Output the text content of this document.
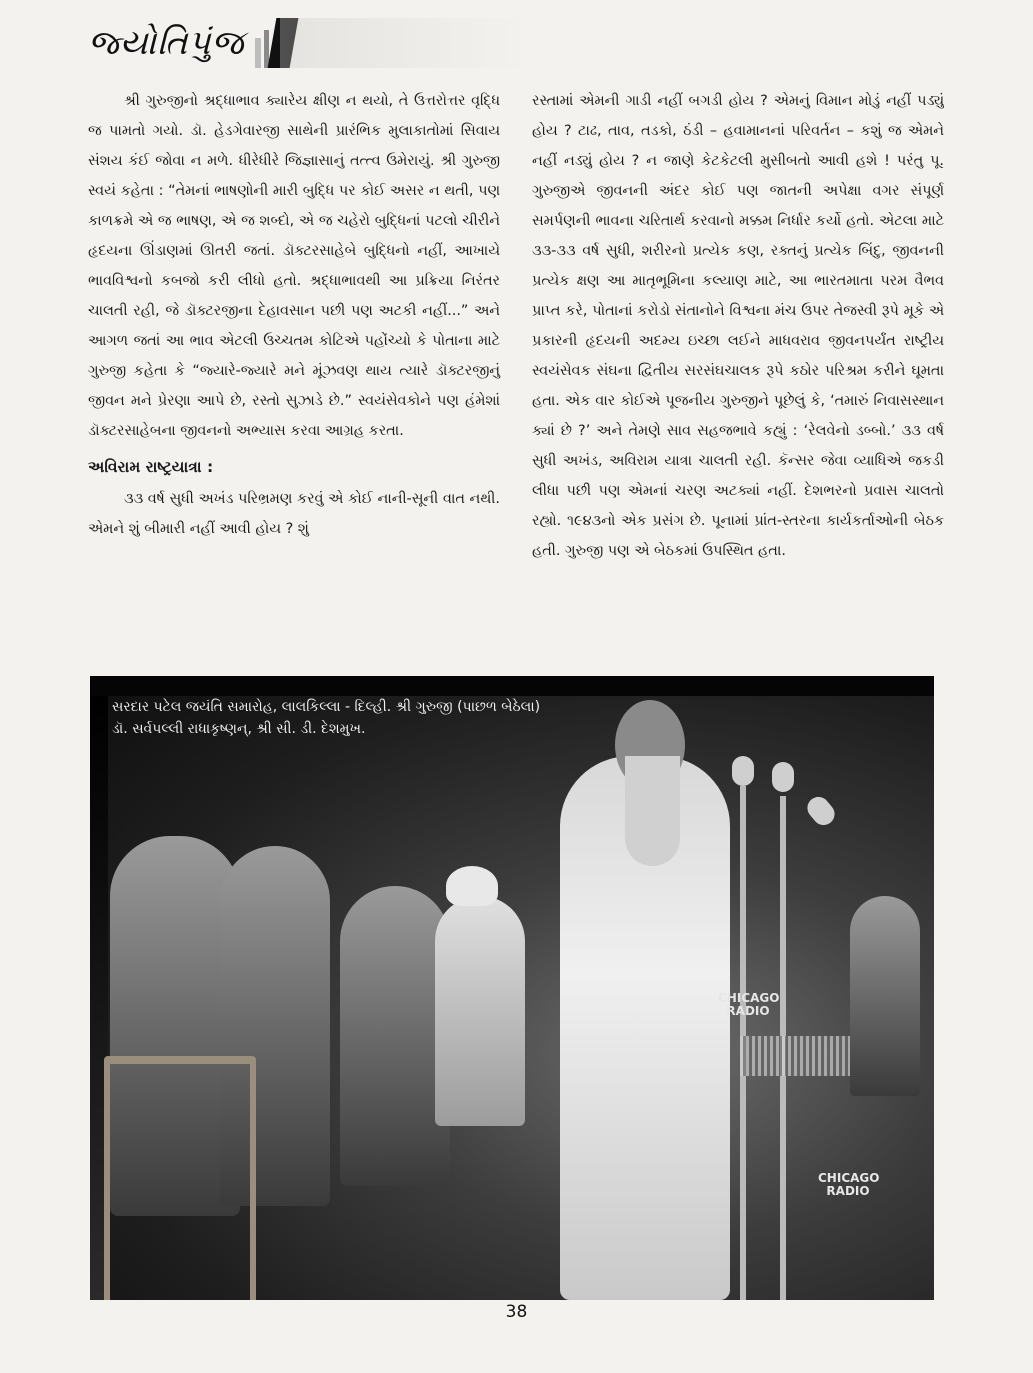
જ્યોતિપુંજ

શ્રી ગુરુજીનો શ્રદ્ધાભાવ ક્યારેય ક્ષીણ ન થયો, તે ઉત્તરોત્તર વૃદ્ધિ જ પામતો ગયો. ડૉ. હેડગેવારજી સાથેની પ્રારંભિક મુલાકાતોમાં સિવાય સંશય કંઈ જોવા ન મળે. ધીરેધીરે જિજ્ઞાસાનું તત્ત્વ ઉમેરાયું. શ્રી ગુરુજી સ્વયં કહેતા : “તેમનાં ભાષણોની મારી બુદ્ધિ પર કોઈ અસર ન થતી, પણ કાળક્રમે એ જ ભાષણ, એ જ શબ્દો, એ જ ચહેરો બુદ્ધિનાં પટલો ચીરીને હૃદયના ઊંડાણમાં ઊતરી જતાં. ડૉક્ટરસાહેબે બુદ્ધિનો નહીં, આખાયે ભાવવિશ્વનો કબજો કરી લીધો હતો. શ્રદ્ધાભાવથી આ પ્રક્રિયા નિરંતર ચાલતી રહી, જે ડૉક્ટરજીના દેહાવસાન પછી પણ અટકી નહીં...” અને આગળ જતાં આ ભાવ એટલી ઉચ્ચતમ કોટિએ પહોંચ્યો કે પોતાના માટે ગુરુજી કહેતા કે “જ્યારે-જ્યારે મને મૂંઝવણ થાય ત્યારે ડૉક્ટરજીનું જીવન મને પ્રેરણા આપે છે, રસ્તો સુઝાડે છે.” સ્વયંસેવકોને પણ હંમેશાં ડૉક્ટરસાહેબના જીવનનો અભ્યાસ કરવા આગ્રહ કરતા.

અવિરામ રાષ્ટ્રયાત્રા :

૩૩ વર્ષ સુધી અખંડ પરિભ્રમણ કરવું એ કોઈ નાની-સૂની વાત નથી. એમને શું બીમારી નહીં આવી હોય ? શું

રસ્તામાં એમની ગાડી નહીં બગડી હોય ? એમનું વિમાન મોડું નહીં પડ્યું હોય ? ટાઢ, તાવ, તડકો, ઠંડી – હવામાનનાં પરિવર્તન – કશું જ એમને નહીં નડ્યું હોય ? ન જાણે કેટકેટલી મુસીબતો આવી હશે ! પરંતુ પૂ. ગુરુજીએ જીવનની અંદર કોઈ પણ જાતની અપેક્ષા વગર સંપૂર્ણ સમર્પણની ભાવના ચરિતાર્થ કરવાનો મક્કમ નિર્ધાર કર્યો હતો. એટલા માટે ૩૩-૩૩ વર્ષ સુધી, શરીરનો પ્રત્યેક કણ, રક્તનું પ્રત્યેક બિંદુ, જીવનની પ્રત્યેક ક્ષણ આ માતૃભૂમિના કલ્યાણ માટે, આ ભારતમાતા પરમ વૈભવ પ્રાપ્ત કરે, પોતાનાં કરોડો સંતાનોને વિશ્વના મંચ ઉપર તેજસ્વી રૂપે મૂકે એ પ્રકારની હૃદયની અદમ્ય ઇચ્છા લઈને માધવરાવ જીવનપર્યંત રાષ્ટ્રીય સ્વયંસેવક સંઘના દ્વિતીય સરસંઘચાલક રૂપે કઠોર પરિશ્રમ કરીને ઘૂમતા હતા. એક વાર કોઈએ પૂજનીય ગુરુજીને પૂછેલું કે, ‘તમારું નિવાસસ્થાન ક્યાં છે ?’ અને તેમણે સાવ સહજભાવે કહ્યું : ‘રેલવેનો ડબ્બો.’ ૩૩ વર્ષ સુધી અખંડ, અવિરામ યાત્રા ચાલતી રહી. કૅન્સર જેવા વ્યાધિએ જકડી લીધા પછી પણ એમનાં ચરણ અટક્યાં નહીં. દેશભરનો પ્રવાસ ચાલતો રહ્યો. ૧૯૪૩નો એક પ્રસંગ છે. પૂનામાં પ્રાંત-સ્તરના કાર્યકર્તાઓની બેઠક હતી. ગુરુજી પણ એ બેઠકમાં ઉપસ્થિત હતા.

CHICAGO
RADIO
CHICAGO
RADIO
સરદાર પટેલ જયંતિ સમારોહ, લાલકિલ્લા - દિલ્હી. શ્રી ગુરુજી (પાછળ બેઠેલા)
ડૉ. સર્વપલ્લી રાધાકૃષ્ણન્, શ્રી સી. ડી. દેશમુખ.
38
